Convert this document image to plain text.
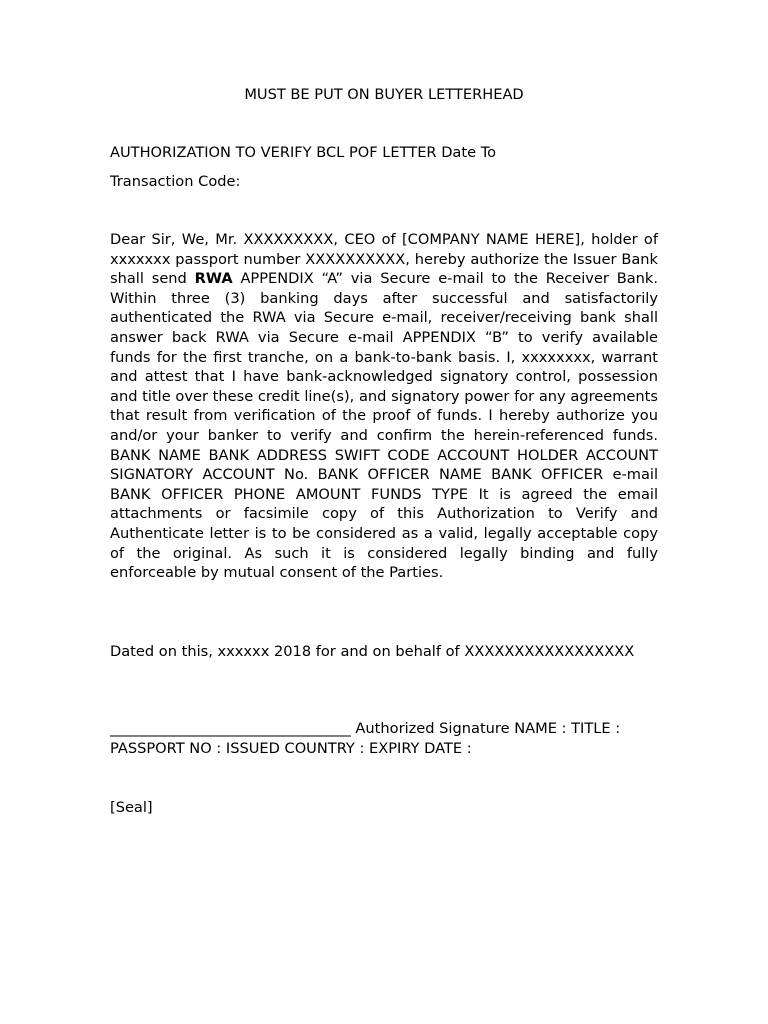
MUST BE PUT ON BUYER LETTERHEAD
AUTHORIZATION TO VERIFY BCL POF LETTER Date To
Transaction Code:
Dear Sir, We, Mr. XXXXXXXXX, CEO of [COMPANY NAME HERE], holder of xxxxxxx passport number XXXXXXXXXX, hereby authorize the Issuer Bank shall send RWA APPENDIX “A” via Secure e-mail to the Receiver Bank. Within three (3) banking days after successful and satisfactorily authenticated the RWA via Secure e-mail, receiver/receiving bank shall answer back RWA via Secure e-mail APPENDIX “B” to verify available funds for the first tranche, on a bank-to-bank basis. I, xxxxxxxx, warrant and attest that I have bank-acknowledged signatory control, possession and title over these credit line(s), and signatory power for any agreements that result from verification of the proof of funds. I hereby authorize you and/or your banker to verify and confirm the herein-referenced funds. BANK NAME BANK ADDRESS SWIFT CODE ACCOUNT HOLDER ACCOUNT SIGNATORY ACCOUNT No. BANK OFFICER NAME BANK OFFICER e-mail BANK OFFICER PHONE AMOUNT FUNDS TYPE It is agreed the email attachments or facsimile copy of this Authorization to Verify and Authenticate letter is to be considered as a valid, legally acceptable copy of the original. As such it is considered legally binding and fully enforceable by mutual consent of the Parties.
Dated on this, xxxxxx 2018 for and on behalf of XXXXXXXXXXXXXXXXX
_________________________________ Authorized Signature NAME : TITLE : PASSPORT NO : ISSUED COUNTRY : EXPIRY DATE :
[Seal]
